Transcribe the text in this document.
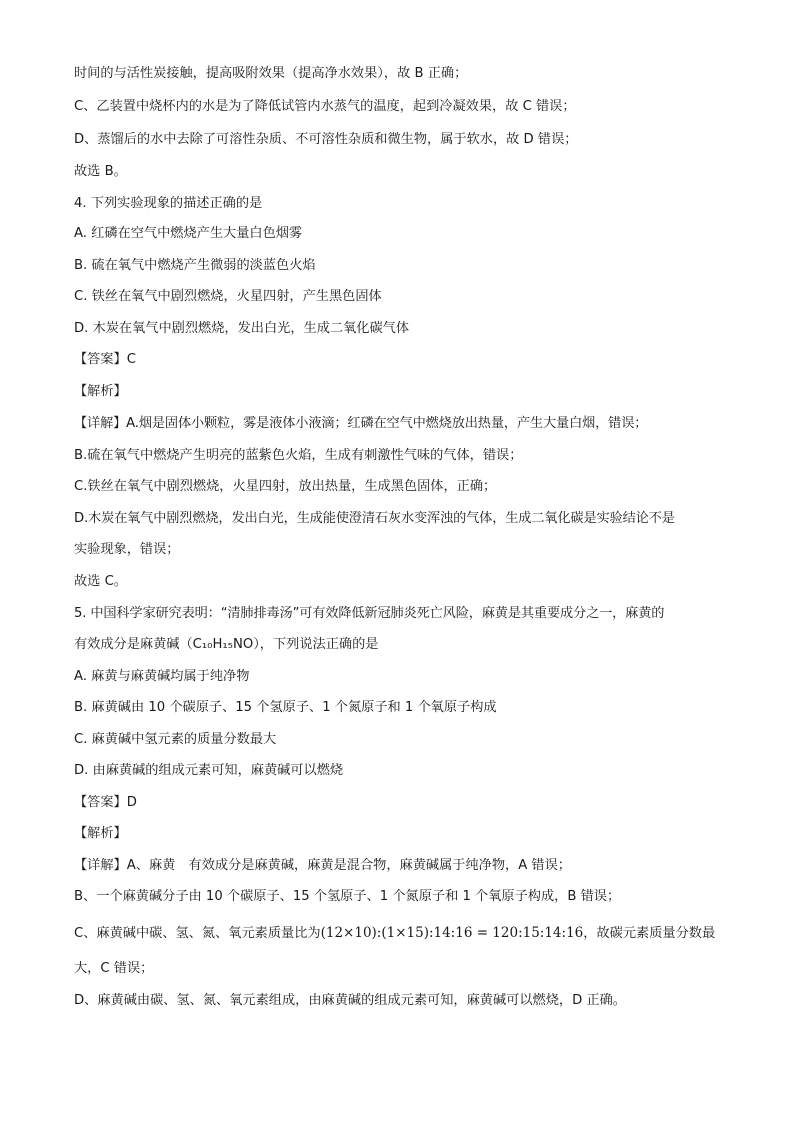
时间的与活性炭接触，提高吸附效果（提高净水效果），故 B 正确；
C、乙装置中烧杯内的水是为了降低试管内水蒸气的温度，起到冷凝效果，故 C 错误；
D、蒸馏后的水中去除了可溶性杂质、不可溶性杂质和微生物，属于软水，故 D 错误；
故选 B。
4. 下列实验现象的描述正确的是
A. 红磷在空气中燃烧产生大量白色烟雾
B. 硫在氧气中燃烧产生微弱的淡蓝色火焰
C. 铁丝在氧气中剧烈燃烧，火星四射，产生黑色固体
D. 木炭在氧气中剧烈燃烧，发出白光，生成二氧化碳气体
【答案】C
【解析】
【详解】A.烟是固体小颗粒，雾是液体小液滴；红磷在空气中燃烧放出热量，产生大量白烟，错误；
B.硫在氧气中燃烧产生明亮的蓝紫色火焰，生成有刺激性气味的气体，错误；
C.铁丝在氧气中剧烈燃烧，火星四射，放出热量，生成黑色固体，正确；
D.木炭在氧气中剧烈燃烧，发出白光，生成能使澄清石灰水变浑浊的气体，生成二氧化碳是实验结论不是
实验现象，错误；
故选 C。
5. 中国科学家研究表明：“清肺排毒汤”可有效降低新冠肺炎死亡风险，麻黄是其重要成分之一，麻黄的
有效成分是麻黄碱（C₁₀H₁₅NO），下列说法正确的是
A. 麻黄与麻黄碱均属于纯净物
B. 麻黄碱由 10 个碳原子、15 个氢原子、1 个氮原子和 1 个氧原子构成
C. 麻黄碱中氢元素的质量分数最大
D. 由麻黄碱的组成元素可知，麻黄碱可以燃烧
【答案】D
【解析】
【详解】A、麻黄　有效成分是麻黄碱，麻黄是混合物，麻黄碱属于纯净物，A 错误；
B、一个麻黄碱分子由 10 个碳原子、15 个氢原子、1 个氮原子和 1 个氧原子构成，B 错误；
C、麻黄碱中碳、氢、氮、氧元素质量比为(12×10):(1×15):14:16 = 120:15:14:16，故碳元素质量分数最
大，C 错误；
D、麻黄碱由碳、氢、氮、氧元素组成，由麻黄碱的组成元素可知，麻黄碱可以燃烧，D 正确。
